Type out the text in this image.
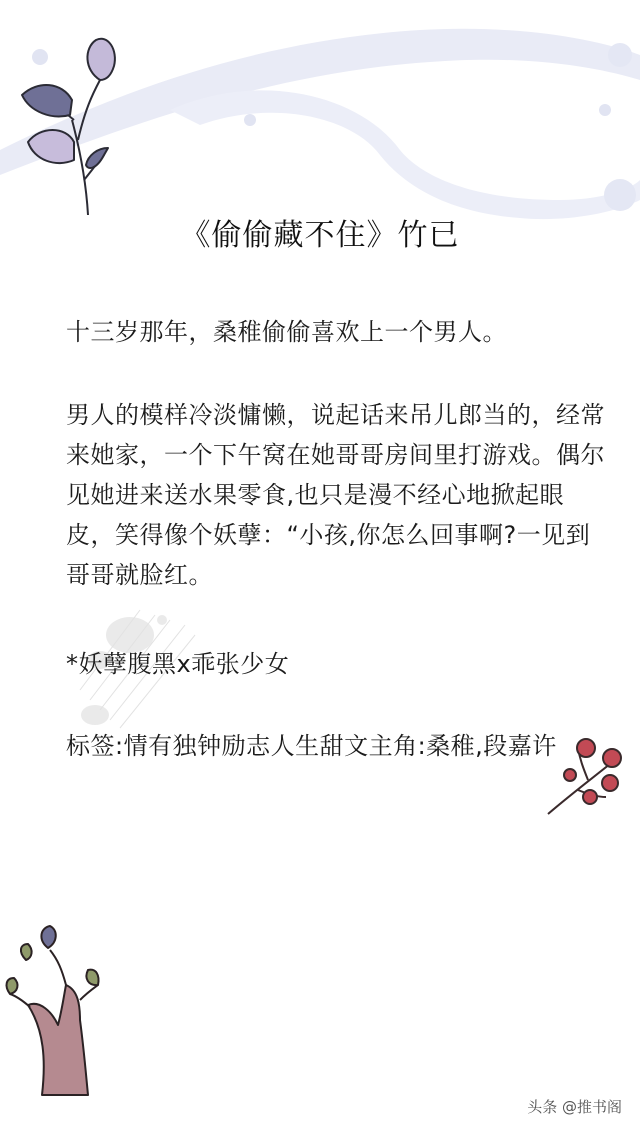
《偷偷藏不住》竹已
十三岁那年，桑稚偷偷喜欢上一个男人。
男人的模样冷淡慵懒，说起话来吊儿郎当的，经常来她家，一个下午窝在她哥哥房间里打游戏。偶尔见她进来送水果零食,也只是漫不经心地掀起眼皮，笑得像个妖孽：“小孩,你怎么回事啊?一见到哥哥就脸红。
*妖孽腹黑x乖张少女
标签:情有独钟励志人生甜文主角:桑稚,段嘉许
头条 @推书阁
